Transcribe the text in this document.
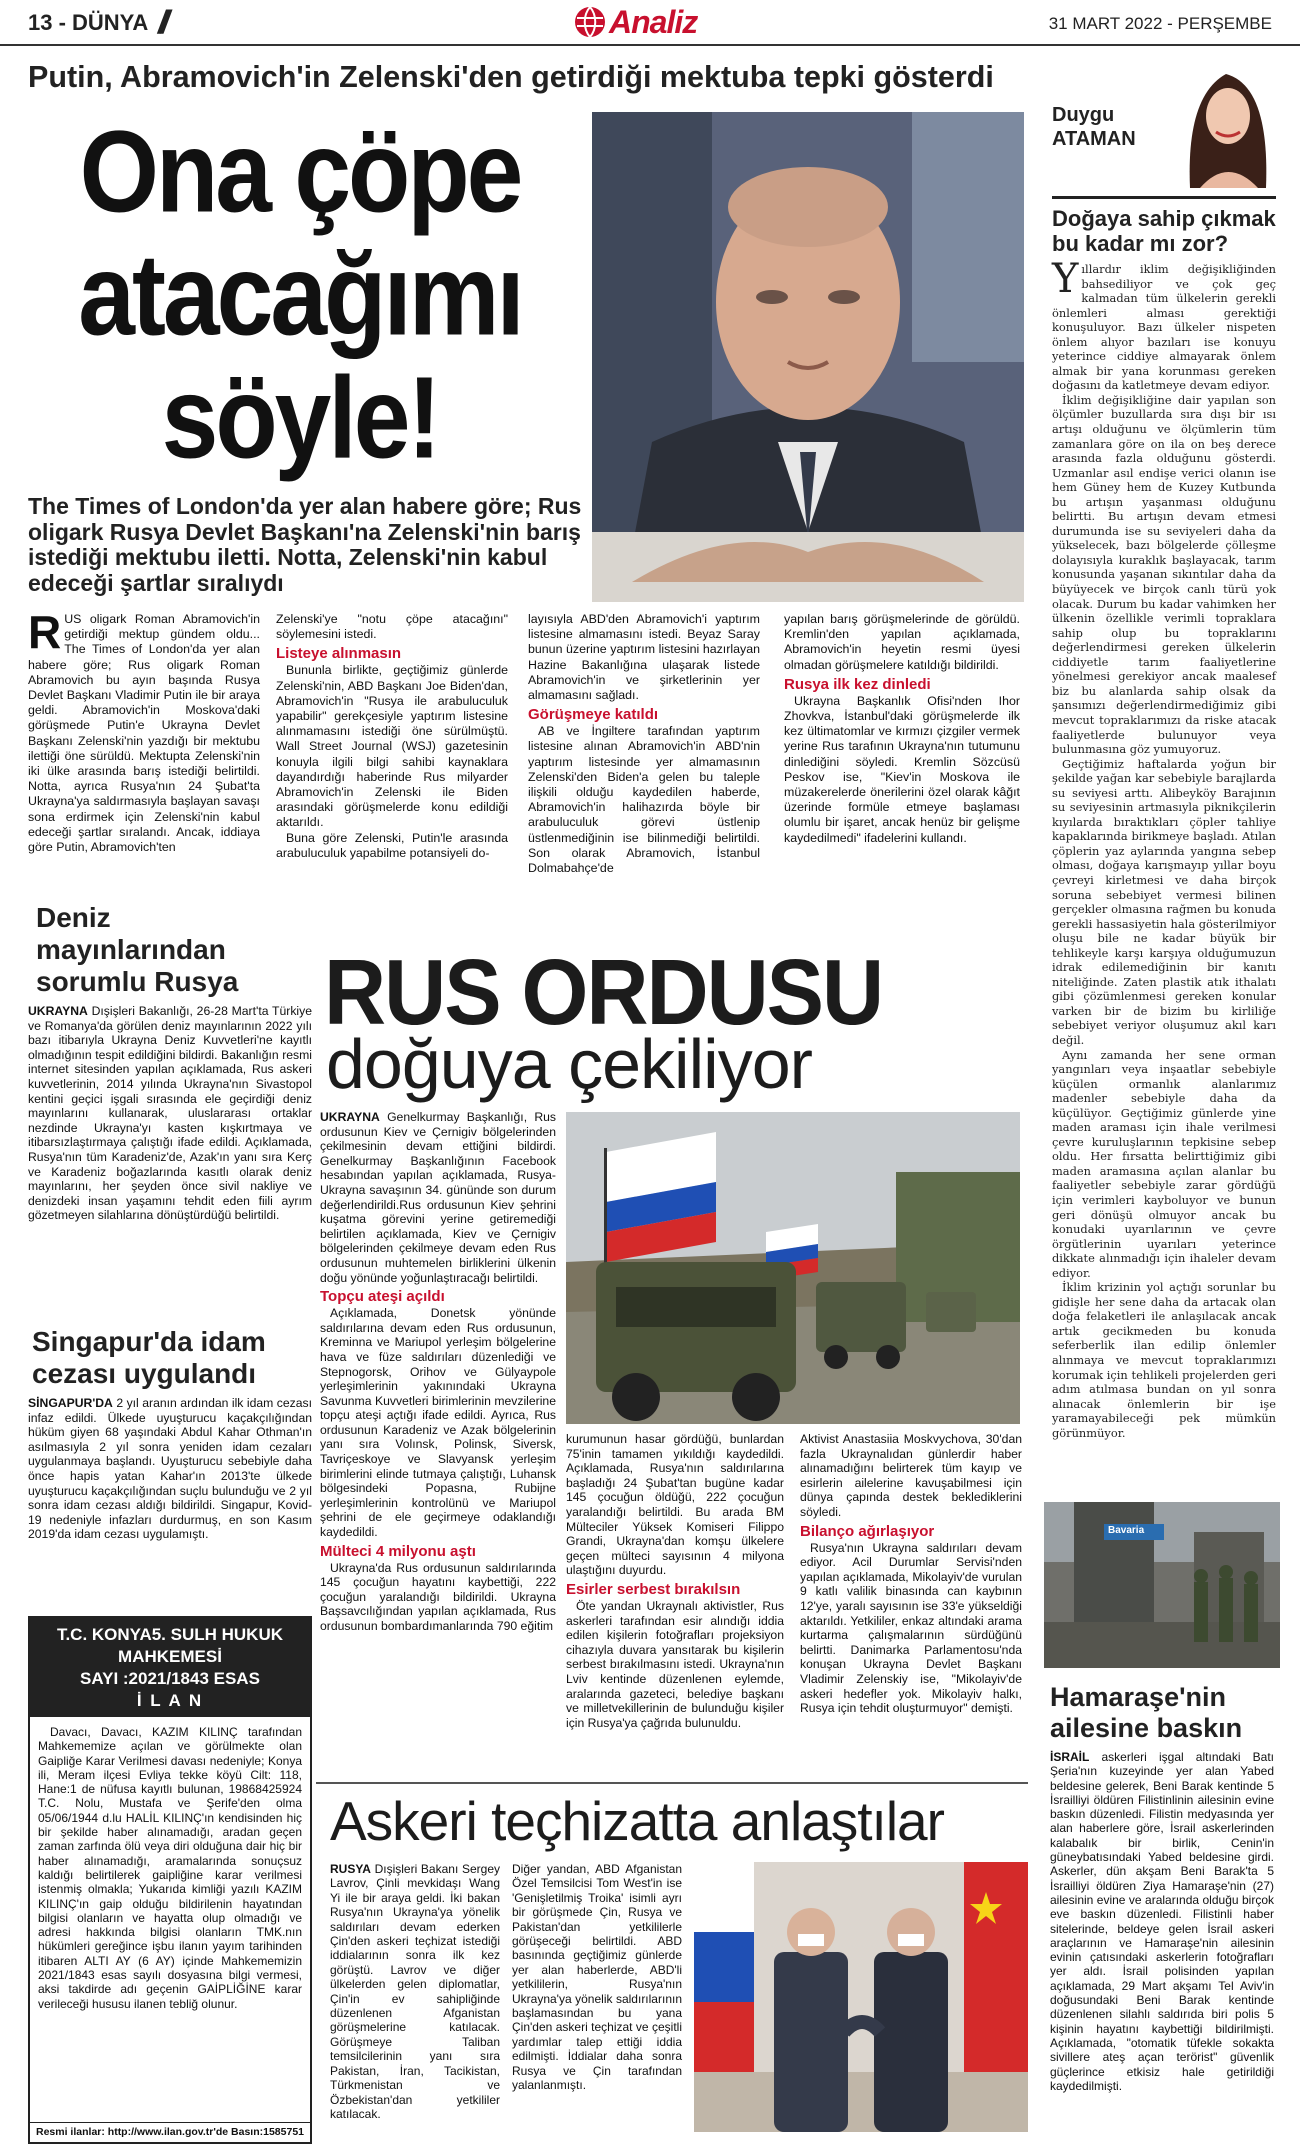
13 - DÜNYA //	Analiz	31 MART 2022 - PERŞEMBE
Putin, Abramovich'in Zelenski'den getirdiği mektuba tepki gösterdi
Ona çöpe
atacağımı
söyle!
The Times of London'da yer alan habere göre; Rus oligark Rusya Devlet Başkanı'na Zelenski'nin barış istediği mektubu iletti. Notta, Zelenski'nin kabul edeceği şartlar sıralıydı

RUS oligark Roman Abramovich'in getirdiği mektup gündem oldu... The Times of London'da yer alan habere göre; Rus oligark Roman Abramovich bu ayın başında Rusya Devlet Başkanı Vladimir Putin ile bir araya geldi. Abramovich'in Moskova'daki görüşmede Putin'e Ukrayna Devlet Başkanı Zelenski'nin yazdığı bir mektubu ilettiği öne sürüldü. Mektupta Zelenski'nin iki ülke arasında barış istediği belirtildi. Notta, ayrıca Rusya'nın 24 Şubat'ta Ukrayna'ya saldırmasıyla başlayan savaşı sona erdirmek için Zelenski'nin kabul edeceği şartlar sıralandı. Ancak, iddiaya göre Putin, Abramovich'ten

Zelenski'ye "notu çöpe atacağını" söylemesini istedi.

Listeye alınmasın

Bununla birlikte, geçtiğimiz günlerde Zelenski'nin, ABD Başkanı Joe Biden'dan, Abramovich'in "Rusya ile arabuluculuk yapabilir" gerekçesiyle yaptırım listesine alınmamasını istediği öne sürülmüştü. Wall Street Journal (WSJ) gazetesinin konuyla ilgili bilgi sahibi kaynaklara dayandırdığı haberinde Rus milyarder Abramovich'in Zelenski ile Biden arasındaki görüşmelerde konu edildiği aktarıldı.

Buna göre Zelenski, Putin'le arasında arabuluculuk yapabilme potansiyeli do-

layısıyla ABD'den Abramovich'i yaptırım listesine almamasını istedi. Beyaz Saray bunun üzerine yaptırım listesini hazırlayan Hazine Bakanlığına ulaşarak listede Abramovich'in ve şirketlerinin yer almamasını sağladı.

Görüşmeye katıldı

AB ve İngiltere tarafından yaptırım listesine alınan Abramovich'in ABD'nin yaptırım listesinde yer almamasının Zelenski'den Biden'a gelen bu taleple ilişkili olduğu kaydedilen haberde, Abramovich'in halihazırda böyle bir arabuluculuk görevi üstlenip üstlenmediğinin ise bilinmediği belirtildi. Son olarak Abramovich, İstanbul Dolmabahçe'de

yapılan barış görüşmelerinde de görüldü. Kremlin'den yapılan açıklamada, Abramovich'in heyetin resmi üyesi olmadan görüşmelere katıldığı bildirildi.

Rusya ilk kez dinledi

Ukrayna Başkanlık Ofisi'nden Ihor Zhovkva, İstanbul'daki görüşmelerde ilk kez ültimatomlar ve kırmızı çizgiler vermek yerine Rus tarafının Ukrayna'nın tutumunu dinlediğini söyledi. Kremlin Sözcüsü Peskov ise, "Kiev'in Moskova ile müzakerelerde önerilerini özel olarak kâğıt üzerinde formüle etmeye başlaması olumlu bir işaret, ancak henüz bir gelişme kaydedilmedi" ifadelerini kullandı.

Duygu
ATAMAN
Doğaya sahip çıkmak bu kadar mı zor?

Yıllardır iklim değişikliğinden bahsediliyor ve çok geç kalmadan tüm ülkelerin gerekli önlemleri alması gerektiği konuşuluyor. Bazı ülkeler nispeten önlem alıyor bazıları ise konuyu yeterince ciddiye almayarak önlem almak bir yana korunması gereken doğasını da katletmeye devam ediyor.

İklim değişikliğine dair yapılan son ölçümler buzullarda sıra dışı bir ısı artışı olduğunu ve ölçümlerin tüm zamanlara göre on ila on beş derece arasında fazla olduğunu gösterdi. Uzmanlar asıl endişe verici olanın ise hem Güney hem de Kuzey Kutbunda bu artışın yaşanması olduğunu belirtti. Bu artışın devam etmesi durumunda ise su seviyeleri daha da yükselecek, bazı bölgelerde çölleşme dolayısıyla kuraklık başlayacak, tarım konusunda yaşanan sıkıntılar daha da büyüyecek ve birçok canlı türü yok olacak. Durum bu kadar vahimken her ülkenin özellikle verimli topraklara sahip olup bu topraklarını değerlendirmesi gereken ülkelerin ciddiyetle tarım faaliyetlerine yönelmesi gerekiyor ancak maalesef biz bu alanlarda sahip olsak da şansımızı değerlendirmediğimiz gibi mevcut topraklarımızı da riske atacak faaliyetlerde bulunuyor veya bulunmasına göz yumuyoruz.

Geçtiğimiz haftalarda yoğun bir şekilde yağan kar sebebiyle barajlarda su seviyesi arttı. Alibeyköy Barajının su seviyesinin artmasıyla piknikçilerin kıyılarda bıraktıkları çöpler tahliye kapaklarında birikmeye başladı. Atılan çöplerin yaz aylarında yangına sebep olması, doğaya karışmayıp yıllar boyu çevreyi kirletmesi ve daha birçok soruna sebebiyet vermesi bilinen gerçekler olmasına rağmen bu konuda gerekli hassasiyetin hala gösterilmiyor oluşu bile ne kadar büyük bir tehlikeyle karşı karşıya olduğumuzun idrak edilemediğinin bir kanıtı niteliğinde. Zaten plastik atık ithalatı gibi çözümlenmesi gereken konular varken bir de bizim bu kirliliğe sebebiyet veriyor oluşumuz akıl karı değil.

Aynı zamanda her sene orman yangınları veya inşaatlar sebebiyle küçülen ormanlık alanlarımız madenler sebebiyle daha da küçülüyor. Geçtiğimiz günlerde yine maden araması için ihale verilmesi çevre kuruluşlarının tepkisine sebep oldu. Her fırsatta belirttiğimiz gibi maden aramasına açılan alanlar bu faaliyetler sebebiyle zarar gördüğü için verimleri kayboluyor ve bunun geri dönüşü olmuyor ancak bu konudaki uyarılarının ve çevre örgütlerinin uyarıları yeterince dikkate alınmadığı için ihaleler devam ediyor.

İklim krizinin yol açtığı sorunlar bu gidişle her sene daha da artacak olan doğa felaketleri ile anlaşılacak ancak artık gecikmeden bu konuda seferberlik ilan edilip önlemler alınmaya ve mevcut topraklarımızı korumak için tehlikeli projelerden geri adım atılmasa bundan on yıl sonra alınacak önlemlerin bir işe yaramayabileceği pek mümkün görünmüyor.

Deniz mayınlarından sorumlu Rusya

UKRAYNA Dışişleri Bakanlığı, 26-28 Mart'ta Türkiye ve Romanya'da görülen deniz mayınlarının 2022 yılı bazı itibarıyla Ukrayna Deniz Kuvvetleri'ne kayıtlı olmadığının tespit edildiğini bildirdi. Bakanlığın resmi internet sitesinden yapılan açıklamada, Rus askeri kuvvetlerinin, 2014 yılında Ukrayna'nın Sivastopol kentini geçici işgali sırasında ele geçirdiği deniz mayınlarını kullanarak, uluslararası ortaklar nezdinde Ukrayna'yı kasten kışkırtmaya ve itibarsızlaştırmaya çalıştığı ifade edildi. Açıklamada, Rusya'nın tüm Karadeniz'de, Azak'ın yanı sıra Kerç ve Karadeniz boğazlarında kasıtlı olarak deniz mayınlarını, her şeyden önce sivil nakliye ve denizdeki insan yaşamını tehdit eden fiili ayrım gözetmeyen silahlarına dönüştürdüğü belirtildi.

Singapur'da idam cezası uygulandı

SİNGAPUR'DA 2 yıl aranın ardından ilk idam cezası infaz edildi. Ülkede uyuşturucu kaçakçılığından hüküm giyen 68 yaşındaki Abdul Kahar Othman'ın asılmasıyla 2 yıl sonra yeniden idam cezaları uygulanmaya başlandı. Uyuşturucu sebebiyle daha önce hapis yatan Kahar'ın 2013'te ülkede uyuşturucu kaçakçılığından suçlu bulunduğu ve 2 yıl sonra idam cezası aldığı bildirildi. Singapur, Kovid-19 nedeniyle infazları durdurmuş, en son Kasım 2019'da idam cezası uygulamıştı.

T.C. KONYA5. SULH HUKUK MAHKEMESİ
SAYI :2021/1843 ESAS
İ L A N

Davacı, Davacı, KAZIM KILINÇ tarafından Mahkememize açılan ve görülmekte olan Gaipliğe Karar Verilmesi davası nedeniyle; Konya ili, Meram ilçesi Evliya tekke köyü Cilt: 118, Hane:1 de nüfusa kayıtlı bulunan, 19868425924 T.C. Nolu, Mustafa ve Şerife'den olma 05/06/1944 d.lu HALİL KILINÇ'ın kendisinden hiç bir şekilde haber alınamadığı, aradan geçen zaman zarfında ölü veya diri olduğuna dair hiç bir haber alınamadığı, aramalarında sonuçsuz kaldığı belirtilerek gaipliğine karar verilmesi istenmiş olmakla; Yukarıda kimliği yazılı KAZIM KILINÇ'ın gaip olduğu bildirilenin hayatından bilgisi olanların ve hayatta olup olmadığı ve adresi hakkında bilgisi olanların TMK.nın hükümleri gereğince işbu ilanın yayım tarihinden itibaren ALTI AY (6 AY) içinde Mahkememizin 2021/1843 esas sayılı dosyasına bilgi vermesi, aksi takdirde adı geçenin GAİPLİĞİNE karar verileceği hususu ilanen tebliğ olunur.

Resmi ilanlar: http://www.ilan.gov.tr'de Basın:1585751
RUS ORDUSU
doğuya çekiliyor

UKRAYNA Genelkurmay Başkanlığı, Rus ordusunun Kiev ve Çernigiv bölgelerinden çekilmesinin devam ettiğini bildirdi. Genelkurmay Başkanlığının Facebook hesabından yapılan açıklamada, Rusya-Ukrayna savaşının 34. gününde son durum değerlendirildi.Rus ordusunun Kiev şehrini kuşatma görevini yerine getiremediği belirtilen açıklamada, Kiev ve Çernigiv bölgelerinden çekilmeye devam eden Rus ordusunun muhtemelen birliklerini ülkenin doğu yönünde yoğunlaştıracağı belirtildi.

Topçu ateşi açıldı

Açıklamada, Donetsk yönünde saldırılarına devam eden Rus ordusunun, Kreminna ve Mariupol yerleşim bölgelerine hava ve füze saldırıları düzenlediği ve Stepnogorsk, Orihov ve Gülyaypole yerleşimlerinin yakınındaki Ukrayna Savunma Kuvvetleri birimlerinin mevzilerine topçu ateşi açtığı ifade edildi. Ayrıca, Rus ordusunun Karadeniz ve Azak bölgelerinin yanı sıra Volınsk, Polinsk, Siversk, Tavriçeskoye ve Slavyansk yerleşim birimlerini elinde tutmaya çalıştığı, Luhansk bölgesindeki Popasna, Rubijne yerleşimlerinin kontrolünü ve Mariupol şehrini de ele geçirmeye odaklandığı kaydedildi.

Mülteci 4 milyonu aştı

Ukrayna'da Rus ordusunun saldırılarında 145 çocuğun hayatını kaybettiği, 222 çocuğun yaralandığı bildirildi. Ukrayna Başsavcılığından yapılan açıklamada, Rus ordusunun bombardımanlarında 790 eğitim

kurumunun hasar gördüğü, bunlardan 75'inin tamamen yıkıldığı kaydedildi. Açıklamada, Rusya'nın saldırılarına başladığı 24 Şubat'tan bugüne kadar 145 çocuğun öldüğü, 222 çocuğun yaralandığı belirtildi. Bu arada BM Mülteciler Yüksek Komiseri Filippo Grandi, Ukrayna'dan komşu ülkelere geçen mülteci sayısının 4 milyona ulaştığını duyurdu.

Esirler serbest bırakılsın

Öte yandan Ukraynalı aktivistler, Rus askerleri tarafından esir alındığı iddia edilen kişilerin fotoğrafları projeksiyon cihazıyla duvara yansıtarak bu kişilerin serbest bırakılmasını istedi. Ukrayna'nın Lviv kentinde düzenlenen eylemde, aralarında gazeteci, belediye başkanı ve milletvekillerinin de bulunduğu kişiler için Rusya'ya çağrıda bulunuldu.

Aktivist Anastasiia Moskvychova, 30'dan fazla Ukraynalıdan günlerdir haber alınamadığını belirterek tüm kayıp ve esirlerin ailelerine kavuşabilmesi için dünya çapında destek beklediklerini söyledi.

Bilanço ağırlaşıyor

Rusya'nın Ukrayna saldırıları devam ediyor. Acil Durumlar Servisi'nden yapılan açıklamada, Mikolayiv'de vurulan 9 katlı valilik binasında can kaybının 12'ye, yaralı sayısının ise 33'e yükseldiği aktarıldı. Yetkililer, enkaz altındaki arama kurtarma çalışmalarının sürdüğünü belirtti. Danimarka Parlamentosu'nda konuşan Ukrayna Devlet Başkanı Vladimir Zelenskiy ise, "Mikolayiv'de askeri hedefler yok. Mikolayiv halkı, Rusya için tehdit oluşturmuyor" demişti.

Askeri teçhizatta anlaştılar

RUSYA Dışişleri Bakanı Sergey Lavrov, Çinli mevkidaşı Wang Yi ile bir araya geldi. İki bakan Rusya'nın Ukrayna'ya yönelik saldırıları devam ederken Çin'den askeri teçhizat istediği iddialarının sonra ilk kez görüştü. Lavrov ve diğer ülkelerden gelen diplomatlar, Çin'in ev sahipliğinde düzenlenen Afganistan görüşmelerine katılacak. Görüşmeye Taliban temsilcilerinin yanı sıra Pakistan, İran, Tacikistan, Türkmenistan ve Özbekistan'dan yetkililer katılacak.

Diğer yandan, ABD Afganistan Özel Temsilcisi Tom West'in ise 'Genişletilmiş Troika' isimli ayrı bir görüşmede Çin, Rusya ve Pakistan'dan yetkililerle görüşeceği belirtildi. ABD basınında geçtiğimiz günlerde yer alan haberlerde, ABD'li yetkililerin, Rusya'nın Ukrayna'ya yönelik saldırılarının başlamasından bu yana Çin'den askeri teçhizat ve çeşitli yardımlar talep ettiği iddia edilmişti. İddialar daha sonra Rusya ve Çin tarafından yalanlanmıştı.

Bavaria
Hamaraşe'nin ailesine baskın

İSRAİL askerleri işgal altındaki Batı Şeria'nın kuzeyinde yer alan Yabed beldesine gelerek, Beni Barak kentinde 5 İsrailliyi öldüren Filistinlinin ailesinin evine baskın düzenledi. Filistin medyasında yer alan haberlere göre, İsrail askerlerinden kalabalık bir birlik, Cenin'in güneybatısındaki Yabed beldesine girdi. Askerler, dün akşam Beni Barak'ta 5 İsrailliyi öldüren Ziya Hamaraşe'nin (27) ailesinin evine ve aralarında olduğu birçok eve baskın düzenledi. Filistinli haber sitelerinde, beldeye gelen İsrail askeri araçlarının ve Hamaraşe'nin ailesinin evinin çatısındaki askerlerin fotoğrafları yer aldı. İsrail polisinden yapılan açıklamada, 29 Mart akşamı Tel Aviv'in doğusundaki Beni Barak kentinde düzenlenen silahlı saldırıda biri polis 5 kişinin hayatını kaybettiği bildirilmişti. Açıklamada, "otomatik tüfekle sokakta sivillere ateş açan terörist" güvenlik güçlerince etkisiz hale getirildiği kaydedilmişti.
